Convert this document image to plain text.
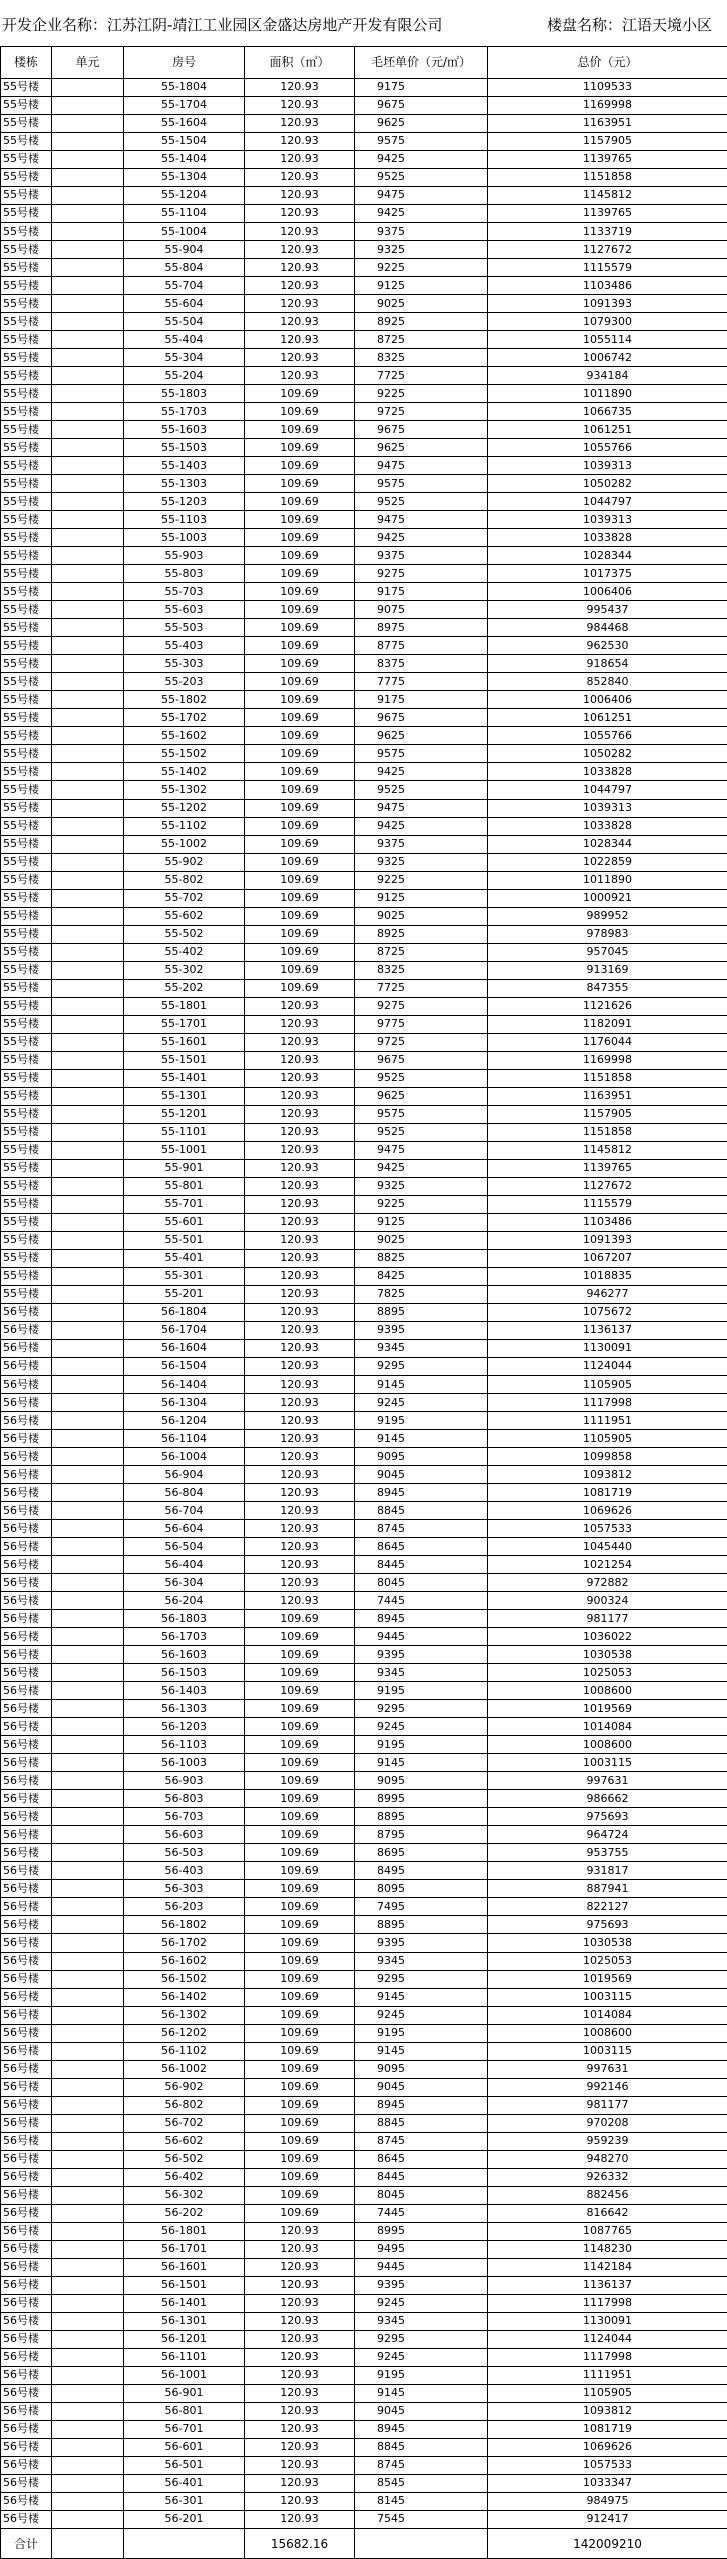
开发企业名称：江苏江阴-靖江工业园区金盛达房地产开发有限公司	楼盘名称：江语天境小区
楼栋	单元	房号	面积（㎡）	毛坯单价（元/㎡）	总价（元）
55号楼		55-1804	120.93	9175	1109533
55号楼		55-1704	120.93	9675	1169998
55号楼		55-1604	120.93	9625	1163951
55号楼		55-1504	120.93	9575	1157905
55号楼		55-1404	120.93	9425	1139765
55号楼		55-1304	120.93	9525	1151858
55号楼		55-1204	120.93	9475	1145812
55号楼		55-1104	120.93	9425	1139765
55号楼		55-1004	120.93	9375	1133719
55号楼		55-904	120.93	9325	1127672
55号楼		55-804	120.93	9225	1115579
55号楼		55-704	120.93	9125	1103486
55号楼		55-604	120.93	9025	1091393
55号楼		55-504	120.93	8925	1079300
55号楼		55-404	120.93	8725	1055114
55号楼		55-304	120.93	8325	1006742
55号楼		55-204	120.93	7725	934184
55号楼		55-1803	109.69	9225	1011890
55号楼		55-1703	109.69	9725	1066735
55号楼		55-1603	109.69	9675	1061251
55号楼		55-1503	109.69	9625	1055766
55号楼		55-1403	109.69	9475	1039313
55号楼		55-1303	109.69	9575	1050282
55号楼		55-1203	109.69	9525	1044797
55号楼		55-1103	109.69	9475	1039313
55号楼		55-1003	109.69	9425	1033828
55号楼		55-903	109.69	9375	1028344
55号楼		55-803	109.69	9275	1017375
55号楼		55-703	109.69	9175	1006406
55号楼		55-603	109.69	9075	995437
55号楼		55-503	109.69	8975	984468
55号楼		55-403	109.69	8775	962530
55号楼		55-303	109.69	8375	918654
55号楼		55-203	109.69	7775	852840
55号楼		55-1802	109.69	9175	1006406
55号楼		55-1702	109.69	9675	1061251
55号楼		55-1602	109.69	9625	1055766
55号楼		55-1502	109.69	9575	1050282
55号楼		55-1402	109.69	9425	1033828
55号楼		55-1302	109.69	9525	1044797
55号楼		55-1202	109.69	9475	1039313
55号楼		55-1102	109.69	9425	1033828
55号楼		55-1002	109.69	9375	1028344
55号楼		55-902	109.69	9325	1022859
55号楼		55-802	109.69	9225	1011890
55号楼		55-702	109.69	9125	1000921
55号楼		55-602	109.69	9025	989952
55号楼		55-502	109.69	8925	978983
55号楼		55-402	109.69	8725	957045
55号楼		55-302	109.69	8325	913169
55号楼		55-202	109.69	7725	847355
55号楼		55-1801	120.93	9275	1121626
55号楼		55-1701	120.93	9775	1182091
55号楼		55-1601	120.93	9725	1176044
55号楼		55-1501	120.93	9675	1169998
55号楼		55-1401	120.93	9525	1151858
55号楼		55-1301	120.93	9625	1163951
55号楼		55-1201	120.93	9575	1157905
55号楼		55-1101	120.93	9525	1151858
55号楼		55-1001	120.93	9475	1145812
55号楼		55-901	120.93	9425	1139765
55号楼		55-801	120.93	9325	1127672
55号楼		55-701	120.93	9225	1115579
55号楼		55-601	120.93	9125	1103486
55号楼		55-501	120.93	9025	1091393
55号楼		55-401	120.93	8825	1067207
55号楼		55-301	120.93	8425	1018835
55号楼		55-201	120.93	7825	946277
56号楼		56-1804	120.93	8895	1075672
56号楼		56-1704	120.93	9395	1136137
56号楼		56-1604	120.93	9345	1130091
56号楼		56-1504	120.93	9295	1124044
56号楼		56-1404	120.93	9145	1105905
56号楼		56-1304	120.93	9245	1117998
56号楼		56-1204	120.93	9195	1111951
56号楼		56-1104	120.93	9145	1105905
56号楼		56-1004	120.93	9095	1099858
56号楼		56-904	120.93	9045	1093812
56号楼		56-804	120.93	8945	1081719
56号楼		56-704	120.93	8845	1069626
56号楼		56-604	120.93	8745	1057533
56号楼		56-504	120.93	8645	1045440
56号楼		56-404	120.93	8445	1021254
56号楼		56-304	120.93	8045	972882
56号楼		56-204	120.93	7445	900324
56号楼		56-1803	109.69	8945	981177
56号楼		56-1703	109.69	9445	1036022
56号楼		56-1603	109.69	9395	1030538
56号楼		56-1503	109.69	9345	1025053
56号楼		56-1403	109.69	9195	1008600
56号楼		56-1303	109.69	9295	1019569
56号楼		56-1203	109.69	9245	1014084
56号楼		56-1103	109.69	9195	1008600
56号楼		56-1003	109.69	9145	1003115
56号楼		56-903	109.69	9095	997631
56号楼		56-803	109.69	8995	986662
56号楼		56-703	109.69	8895	975693
56号楼		56-603	109.69	8795	964724
56号楼		56-503	109.69	8695	953755
56号楼		56-403	109.69	8495	931817
56号楼		56-303	109.69	8095	887941
56号楼		56-203	109.69	7495	822127
56号楼		56-1802	109.69	8895	975693
56号楼		56-1702	109.69	9395	1030538
56号楼		56-1602	109.69	9345	1025053
56号楼		56-1502	109.69	9295	1019569
56号楼		56-1402	109.69	9145	1003115
56号楼		56-1302	109.69	9245	1014084
56号楼		56-1202	109.69	9195	1008600
56号楼		56-1102	109.69	9145	1003115
56号楼		56-1002	109.69	9095	997631
56号楼		56-902	109.69	9045	992146
56号楼		56-802	109.69	8945	981177
56号楼		56-702	109.69	8845	970208
56号楼		56-602	109.69	8745	959239
56号楼		56-502	109.69	8645	948270
56号楼		56-402	109.69	8445	926332
56号楼		56-302	109.69	8045	882456
56号楼		56-202	109.69	7445	816642
56号楼		56-1801	120.93	8995	1087765
56号楼		56-1701	120.93	9495	1148230
56号楼		56-1601	120.93	9445	1142184
56号楼		56-1501	120.93	9395	1136137
56号楼		56-1401	120.93	9245	1117998
56号楼		56-1301	120.93	9345	1130091
56号楼		56-1201	120.93	9295	1124044
56号楼		56-1101	120.93	9245	1117998
56号楼		56-1001	120.93	9195	1111951
56号楼		56-901	120.93	9145	1105905
56号楼		56-801	120.93	9045	1093812
56号楼		56-701	120.93	8945	1081719
56号楼		56-601	120.93	8845	1069626
56号楼		56-501	120.93	8745	1057533
56号楼		56-401	120.93	8545	1033347
56号楼		56-301	120.93	8145	984975
56号楼		56-201	120.93	7545	912417
合计			15682.16		142009210
